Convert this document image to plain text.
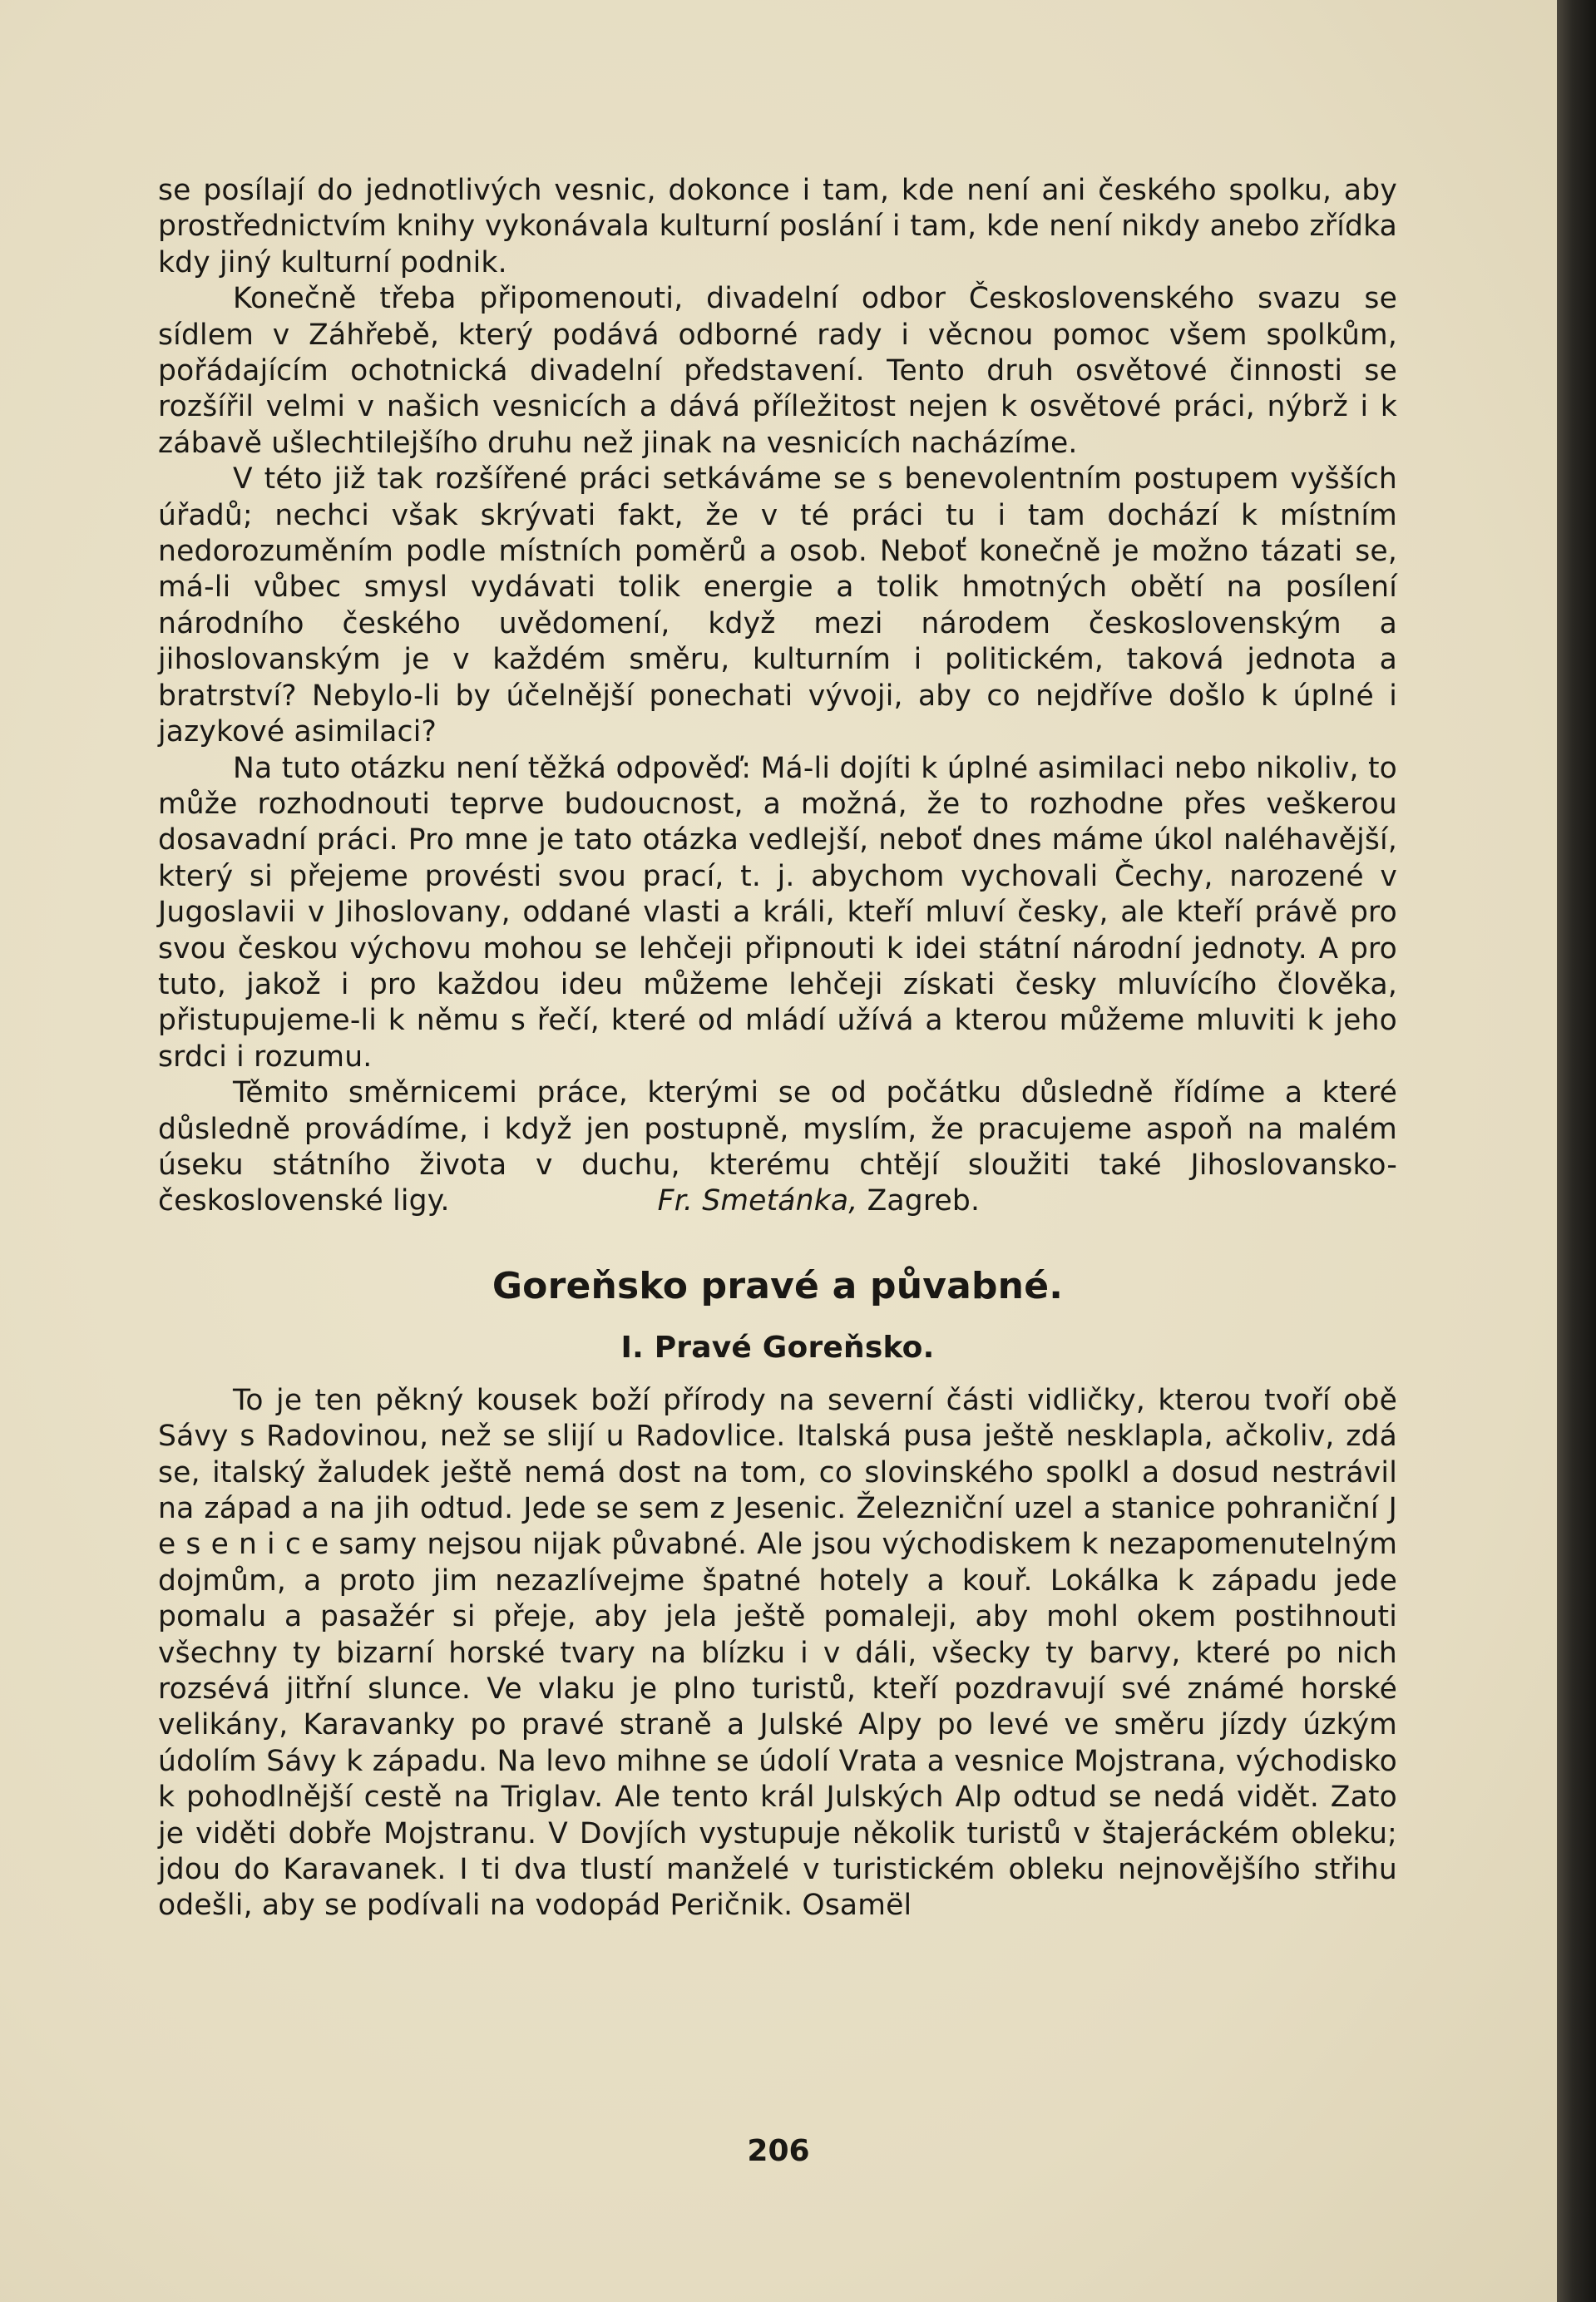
se posílají do jednotlivých vesnic, dokonce i tam, kde není ani českého spolku, aby prostřednictvím knihy vykonávala kulturní poslání i tam, kde není nikdy anebo zřídka kdy jiný kulturní podnik.

Konečně třeba připomenouti, divadelní odbor Československého svazu se sídlem v Záhřebě, který podává odborné rady i věcnou pomoc všem spolkům, pořádajícím ochotnická divadelní představení. Tento druh osvětové činnosti se rozšířil velmi v našich vesnicích a dává příležitost nejen k osvětové práci, nýbrž i k zábavě ušlechtilejšího druhu než jinak na vesnicích nacházíme.

V této již tak rozšířené práci setkáváme se s benevolentním postupem vyšších úřadů; nechci však skrývati fakt, že v té práci tu i tam dochází k místním nedorozuměním podle místních poměrů a osob. Neboť konečně je možno tázati se, má-li vůbec smysl vydávati tolik energie a tolik hmotných obětí na posílení národního českého uvědomení, když mezi národem československým a jihoslovanským je v každém směru, kulturním i politickém, taková jednota a bratrství? Nebylo-li by účelnější ponechati vývoji, aby co nejdříve došlo k úplné i jazykové asimilaci?

Na tuto otázku není těžká odpověď: Má-li dojíti k úplné asimilaci nebo nikoliv, to může rozhodnouti teprve budoucnost, a možná, že to rozhodne přes veškerou dosavadní práci. Pro mne je tato otázka vedlejší, neboť dnes máme úkol naléhavější, který si přejeme provésti svou prací, t. j. abychom vychovali Čechy, narozené v Jugoslavii v Jihoslovany, oddané vlasti a králi, kteří mluví česky, ale kteří právě pro svou českou výchovu mohou se lehčeji připnouti k idei státní národní jednoty. A pro tuto, jakož i pro každou ideu můžeme lehčeji získati česky mluvícího člověka, přistupujeme-li k němu s řečí, které od mládí užívá a kterou můžeme mluviti k jeho srdci i rozumu.

Těmito směrnicemi práce, kterými se od počátku důsledně řídíme a které důsledně provádíme, i když jen postupně, myslím, že pracujeme aspoň na malém úseku státního života v duchu, kterému chtějí sloužiti také Jihoslovansko-československé ligy.	Fr. Smetánka, Zagreb.

Goreňsko pravé a půvabné.

I. Pravé Goreňsko.

To je ten pěkný kousek boží přírody na severní části vidličky, kterou tvoří obě Sávy s Radovinou, než se slijí u Radovlice. Italská pusa ještě nesklapla, ačkoliv, zdá se, italský žaludek ještě nemá dost na tom, co slovinského spolkl a dosud nestrávil na západ a na jih odtud. Jede se sem z Jesenic. Železniční uzel a stanice pohraniční J e s e n i c e samy nejsou nijak půvabné. Ale jsou východiskem k nezapomenutelným dojmům, a proto jim nezazlívejme špatné hotely a kouř. Lokálka k západu jede pomalu a pasažér si přeje, aby jela ještě pomaleji, aby mohl okem postihnouti všechny ty bizarní horské tvary na blízku i v dáli, všecky ty barvy, které po nich rozsévá jitřní slunce. Ve vlaku je plno turistů, kteří pozdravují své známé horské velikány, Karavanky po pravé straně a Julské Alpy po levé ve směru jízdy úzkým údolím Sávy k západu. Na levo mihne se údolí Vrata a vesnice Mojstrana, východisko k pohodlnější cestě na Triglav. Ale tento král Julských Alp odtud se nedá vidět. Zato je viděti dobře Mojstranu. V Dovjích vystupuje několik turistů v štajeráckém obleku; jdou do Karavanek. I ti dva tlustí manželé v turistickém obleku nejnovějšího střihu odešli, aby se podívali na vodopád Peričnik. Osamël

206
